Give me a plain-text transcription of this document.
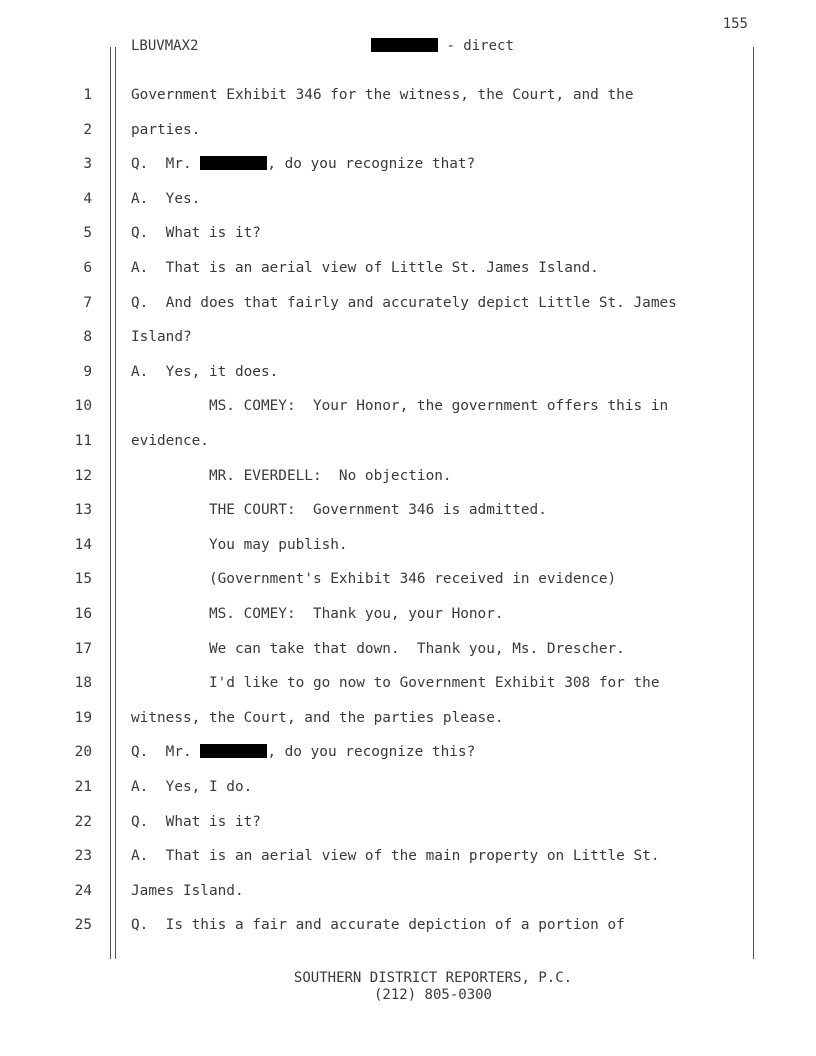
155
LBUVMAX2	- direct
1	Government Exhibit 346 for the witness, the Court, and the
2	parties.
3	Q.  Mr.	, do you recognize that?
4	A.  Yes.
5	Q.  What is it?
6	A.  That is an aerial view of Little St. James Island.
7	Q.  And does that fairly and accurately depict Little St. James
8	Island?
9	A.  Yes, it does.
10	MS. COMEY:  Your Honor, the government offers this in
11	evidence.
12	MR. EVERDELL:  No objection.
13	THE COURT:  Government 346 is admitted.
14	You may publish.
15	(Government's Exhibit 346 received in evidence)
16	MS. COMEY:  Thank you, your Honor.
17	We can take that down.  Thank you, Ms. Drescher.
18	I'd like to go now to Government Exhibit 308 for the
19	witness, the Court, and the parties please.
20	Q.  Mr.	, do you recognize this?
21	A.  Yes, I do.
22	Q.  What is it?
23	A.  That is an aerial view of the main property on Little St.
24	James Island.
25	Q.  Is this a fair and accurate depiction of a portion of
SOUTHERN DISTRICT REPORTERS, P.C.
(212) 805-0300
